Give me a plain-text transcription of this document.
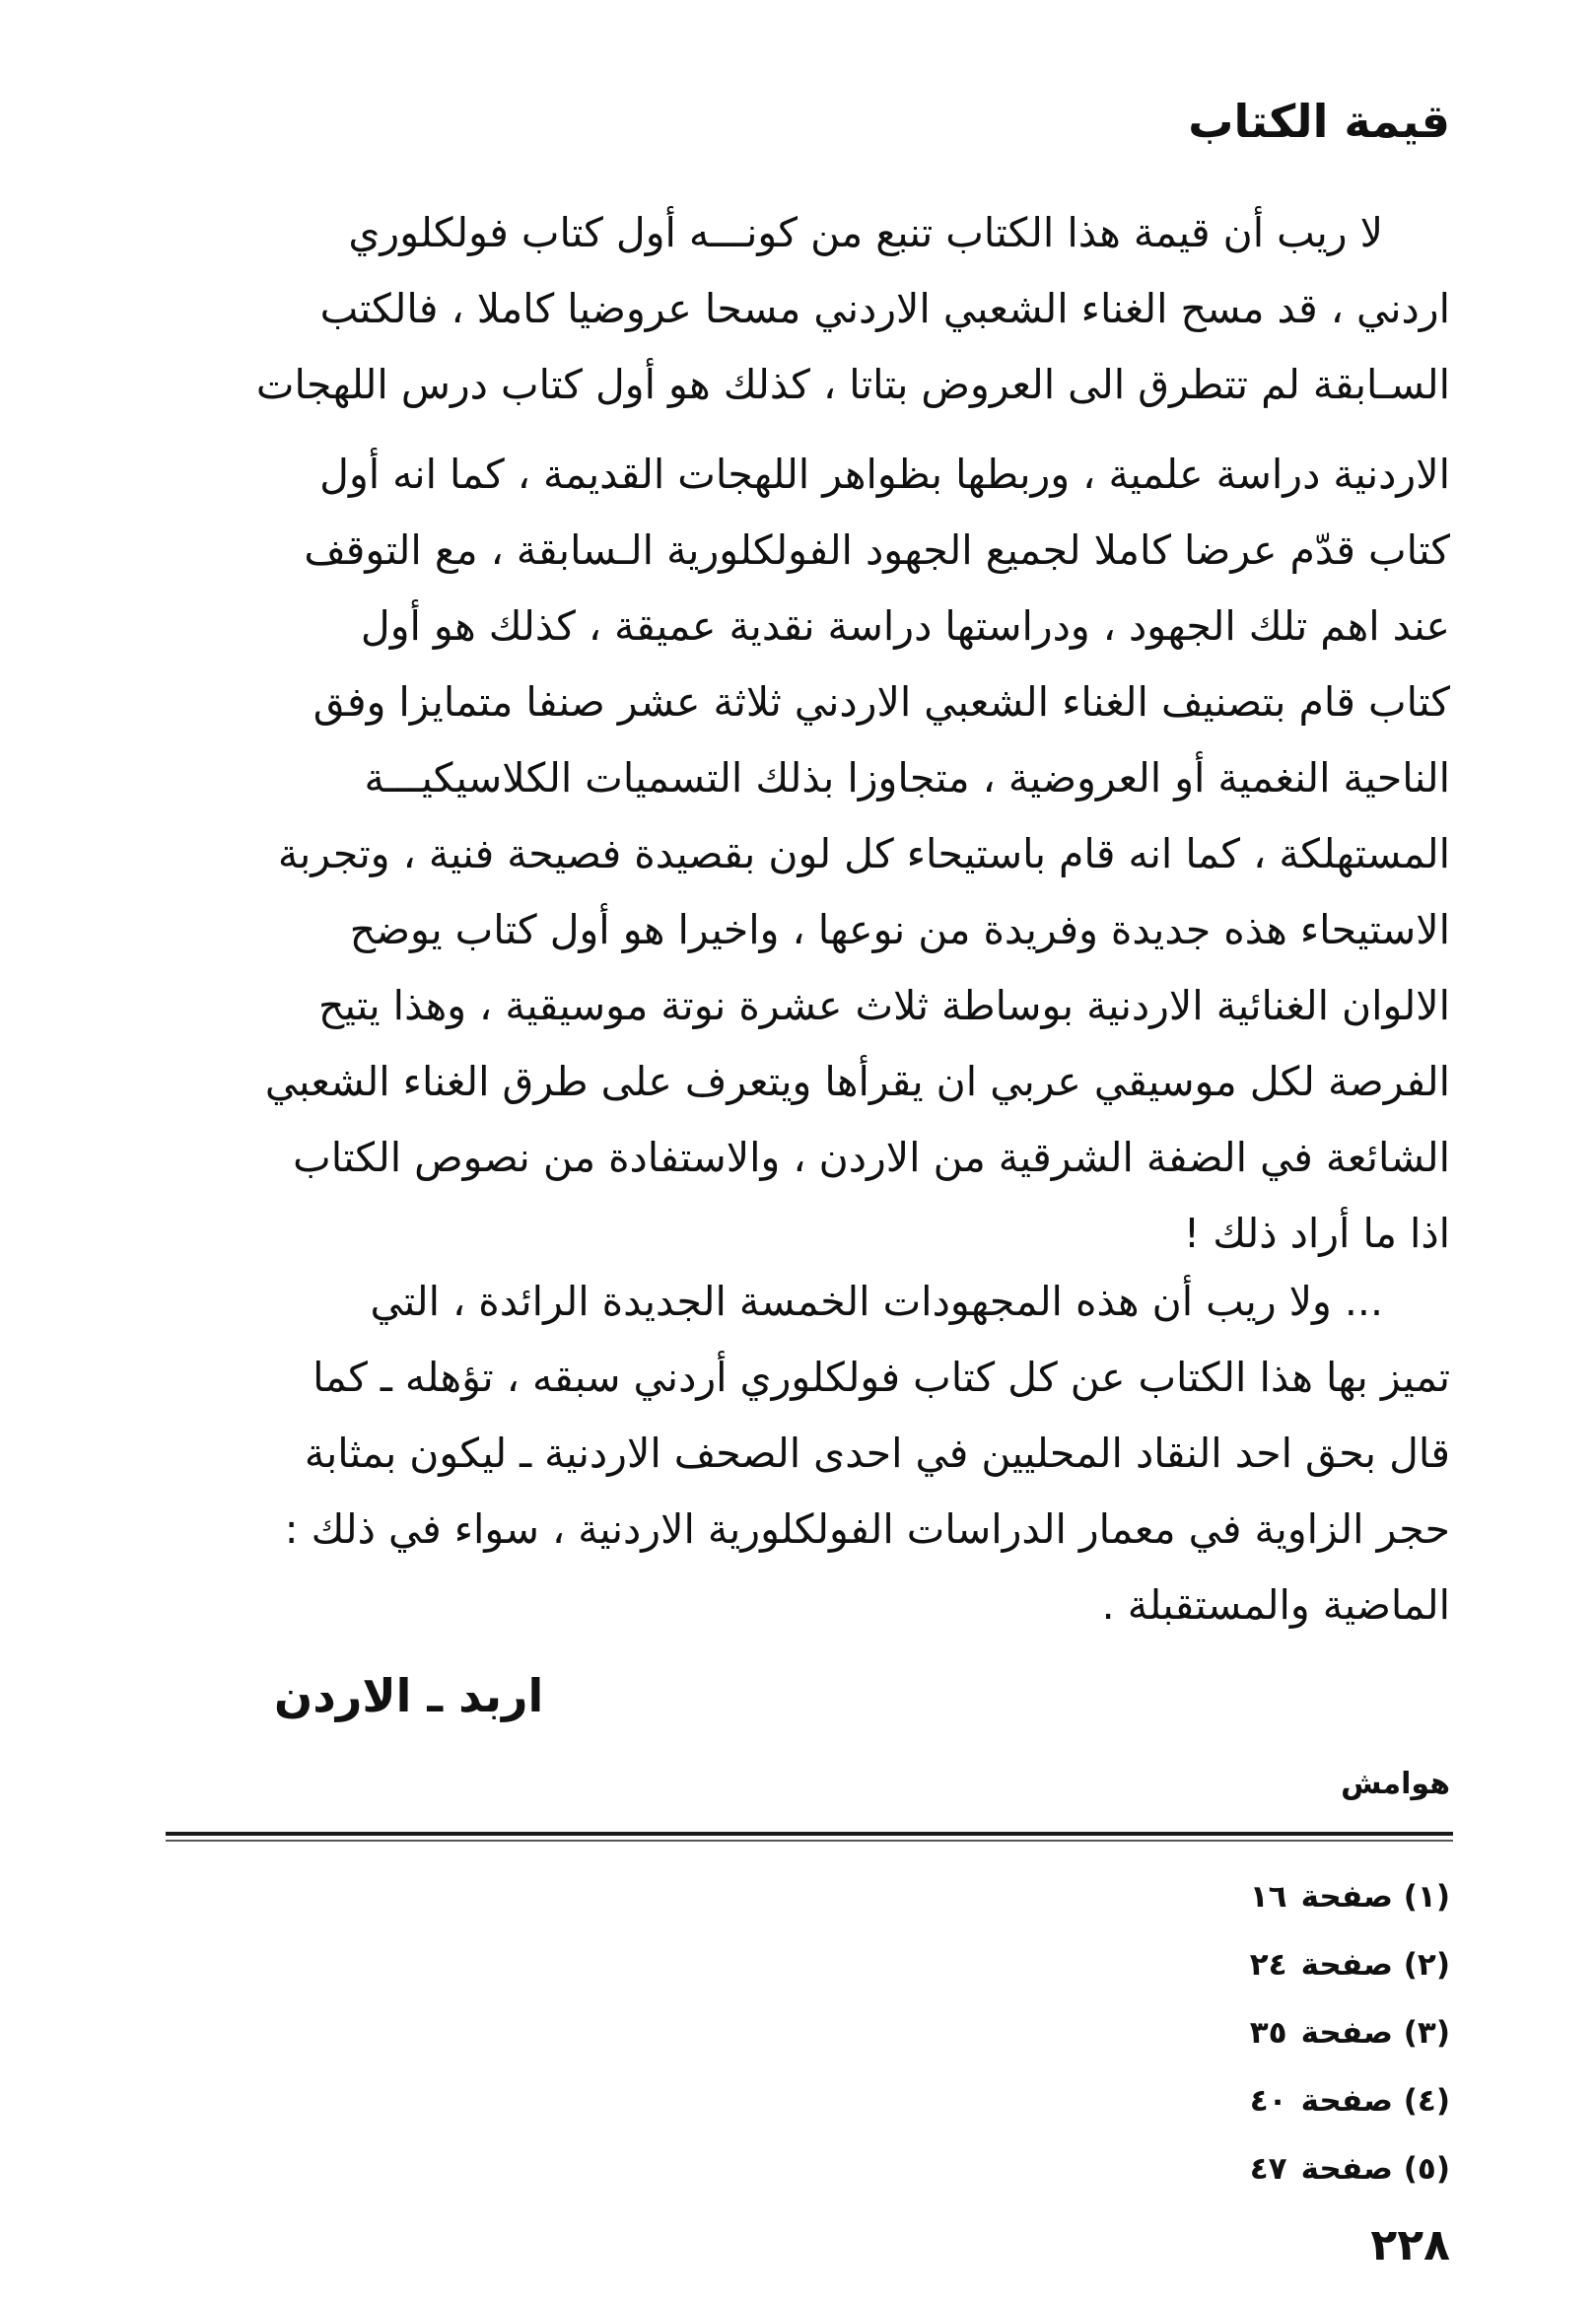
قيمة الكتاب
لا ريب أن قيمة هذا الكتاب تنبع من كونـــه أول كتاب فولكلوري
اردني ، قد مسح الغناء الشعبي الاردني مسحا عروضيا كاملا ، فالكتب
السـابقة لم تتطرق الى العروض بتاتا ، كذلك هو أول كتاب درس اللهجات
الاردنية دراسة علمية ، وربطها بظواهر اللهجات القديمة ، كما انه أول
كتاب قدّم عرضا كاملا لجميع الجهود الفولكلورية الـسابقة ، مع التوقف
عند اهم تلك الجهود ، ودراستها دراسة نقدية عميقة ، كذلك هو أول
كتاب قام بتصنيف الغناء الشعبي الاردني ثلاثة عشر صنفا متمايزا وفق
الناحية النغمية أو العروضية ، متجاوزا بذلك التسميات الكلاسيكيـــة
المستهلكة ، كما انه قام باستيحاء كل لون بقصيدة فصيحة فنية ، وتجربة
الاستيحاء هذه جديدة وفريدة من نوعها ، واخيرا هو أول كتاب يوضح
الالوان الغنائية الاردنية بوساطة ثلاث عشرة نوتة موسيقية ، وهذا يتيح
الفرصة لكل موسيقي عربي ان يقرأها ويتعرف على طرق الغناء الشعبي
الشائعة في الضفة الشرقية من الاردن ، والاستفادة من نصوص الكتاب
اذا ما أراد ذلك !
... ولا ريب أن هذه المجهودات الخمسة الجديدة الرائدة ، التي
تميز بها هذا الكتاب عن كل كتاب فولكلوري أردني سبقه ، تؤهله ـ كما
قال بحق احد النقاد المحليين في احدى الصحف الاردنية ـ ليكون بمثابة
حجر الزاوية في معمار الدراسات الفولكلورية الاردنية ، سواء في ذلك :
الماضية والمستقبلة .
اربد ـ الاردن
هوامش
(١)صفحة١٦
(٢)صفحة٢٤
(٣)صفحة٣٥
(٤)صفحة٤٠
(٥)صفحة٤٧
٢٢٨
